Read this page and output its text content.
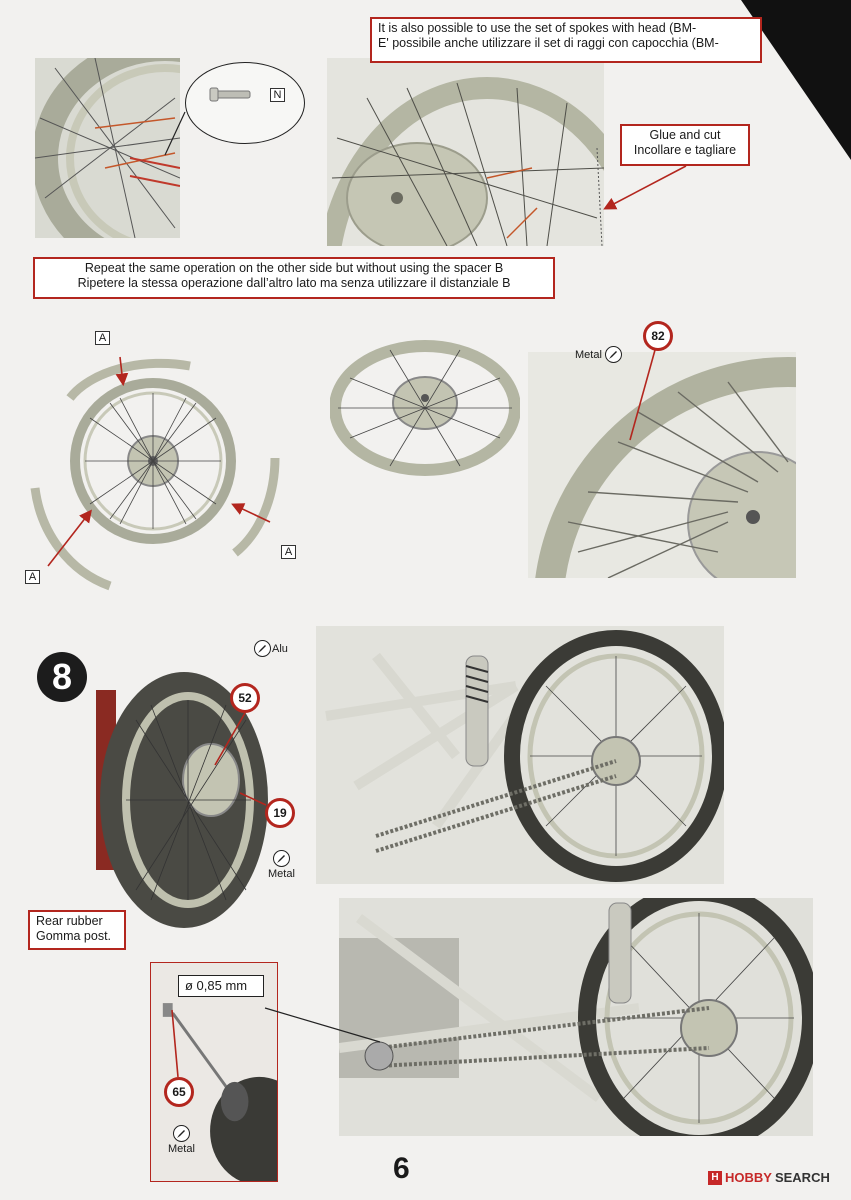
N
It is also possible to use the set of spokes with head (BM-
E' possibile anche utilizzare il set di raggi con capocchia (BM-
Glue and cut
Incollare e tagliare
Repeat the same operation on the other side but without using the spacer B
Ripetere la stessa operazione dall’altro lato ma senza utilizzare il distanziale B
A
A
A
Metal
82
8
Alu
52
19
Metal
Rear rubber
Gomma post.
ø 0,85 mm
65
Metal
6	H HOBBY SEARCH
